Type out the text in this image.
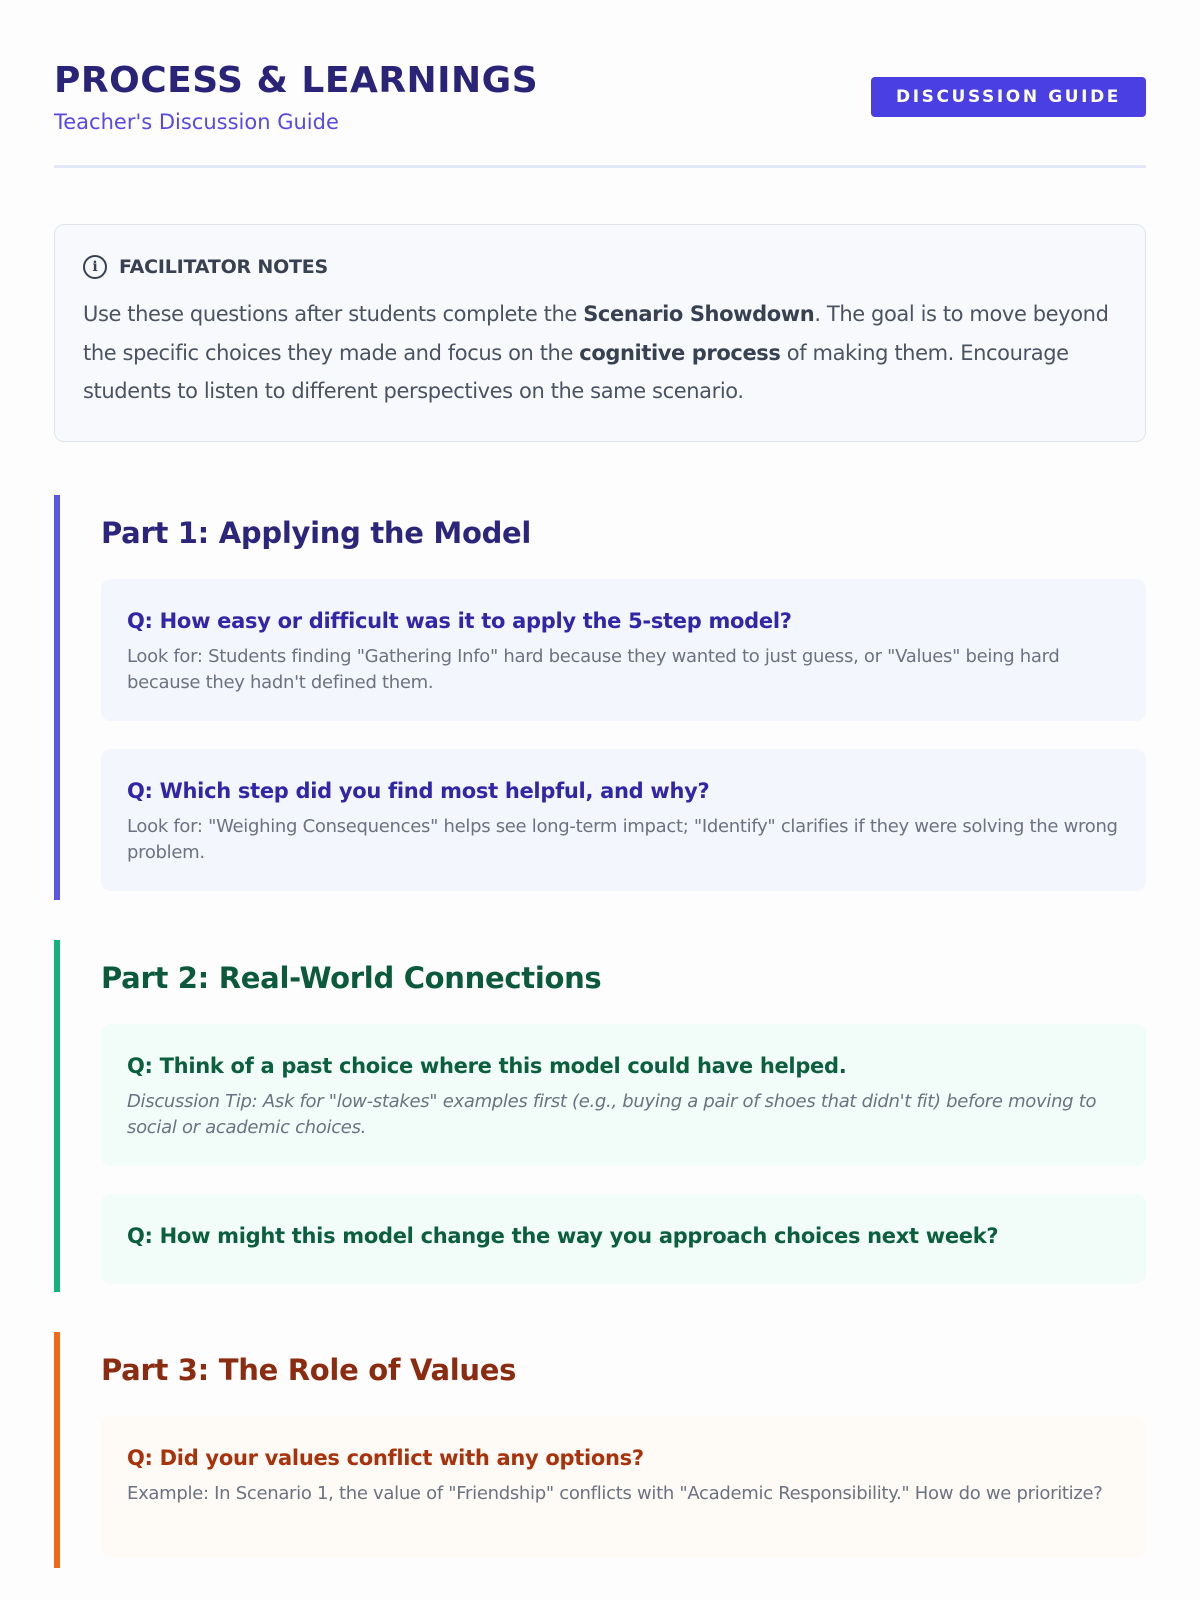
PROCESS & LEARNINGS
Teacher's Discussion Guide
DISCUSSION GUIDE
i	FACILITATOR NOTES

Use these questions after students complete the Scenario Showdown. The goal is to move beyond the specific choices they made and focus on the cognitive process of making them. Encourage students to listen to different perspectives on the same scenario.

Part 1: Applying the Model
Q: How easy or difficult was it to apply the 5-step model?
Look for: Students finding "Gathering Info" hard because they wanted to just guess, or "Values" being hard because they hadn't defined them.
Q: Which step did you find most helpful, and why?
Look for: "Weighing Consequences" helps see long-term impact; "Identify" clarifies if they were solving the wrong problem.
Part 2: Real-World Connections
Q: Think of a past choice where this model could have helped.
Discussion Tip: Ask for "low-stakes" examples first (e.g., buying a pair of shoes that didn't fit) before moving to social or academic choices.
Q: How might this model change the way you approach choices next week?
Part 3: The Role of Values
Q: Did your values conflict with any options?
Example: In Scenario 1, the value of "Friendship" conflicts with "Academic Responsibility." How do we prioritize?
